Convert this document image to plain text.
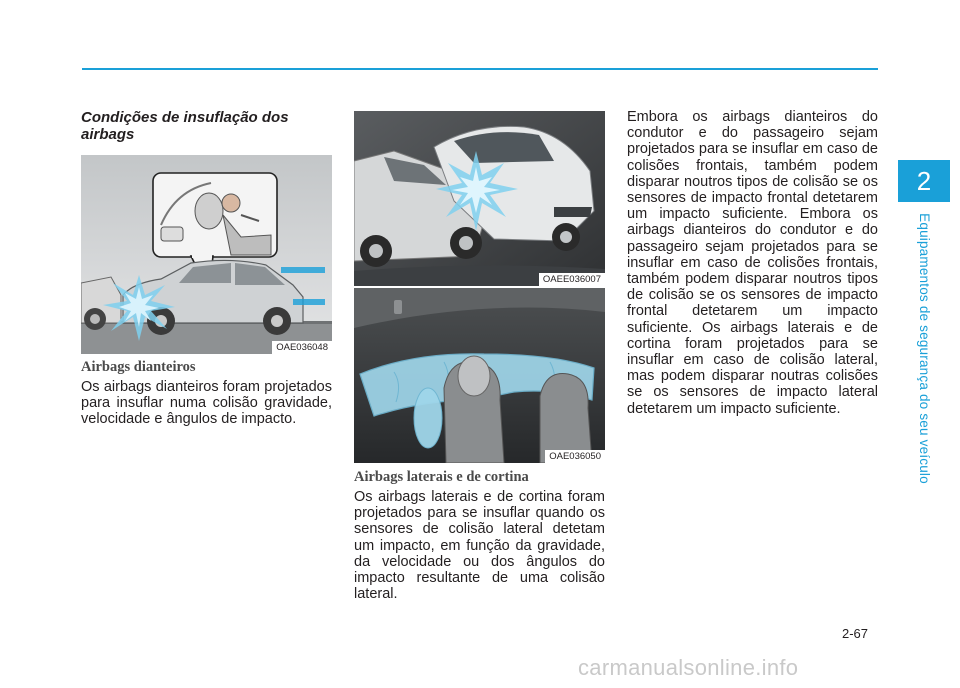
2
Equipamentos de segurança do seu veículo
Condições de insuflação dos airbags
OAE036048
Airbags dianteiros
Os airbags dianteiros foram projetados para insuflar numa colisão gravidade, velocidade e ângulos de impacto.
OAEE036007
OAE036050
Airbags laterais e de cortina
Os airbags laterais e de cortina foram projetados para se insuflar quando os sensores de colisão lateral detetam um impacto, em função da gravidade, da velocidade ou dos ângulos do impacto resultante de uma colisão lateral.
Embora os airbags dianteiros do condutor e do passageiro sejam projetados para se insuflar em caso de colisões frontais, também podem disparar noutros tipos de colisão se os sensores de impacto frontal detetarem um impacto suficiente. Embora os airbags dianteiros do condutor e do passageiro sejam projetados para se insuflar em caso de colisões frontais, também podem disparar noutros tipos de colisão se os sensores de impacto frontal detetarem um impacto suficiente. Os airbags laterais e de cortina foram projetados para se insuflar em caso de colisão lateral, mas podem disparar noutras colisões se os sensores de impacto lateral detetarem um impacto suficiente.
2-67
carmanualsonline.info
